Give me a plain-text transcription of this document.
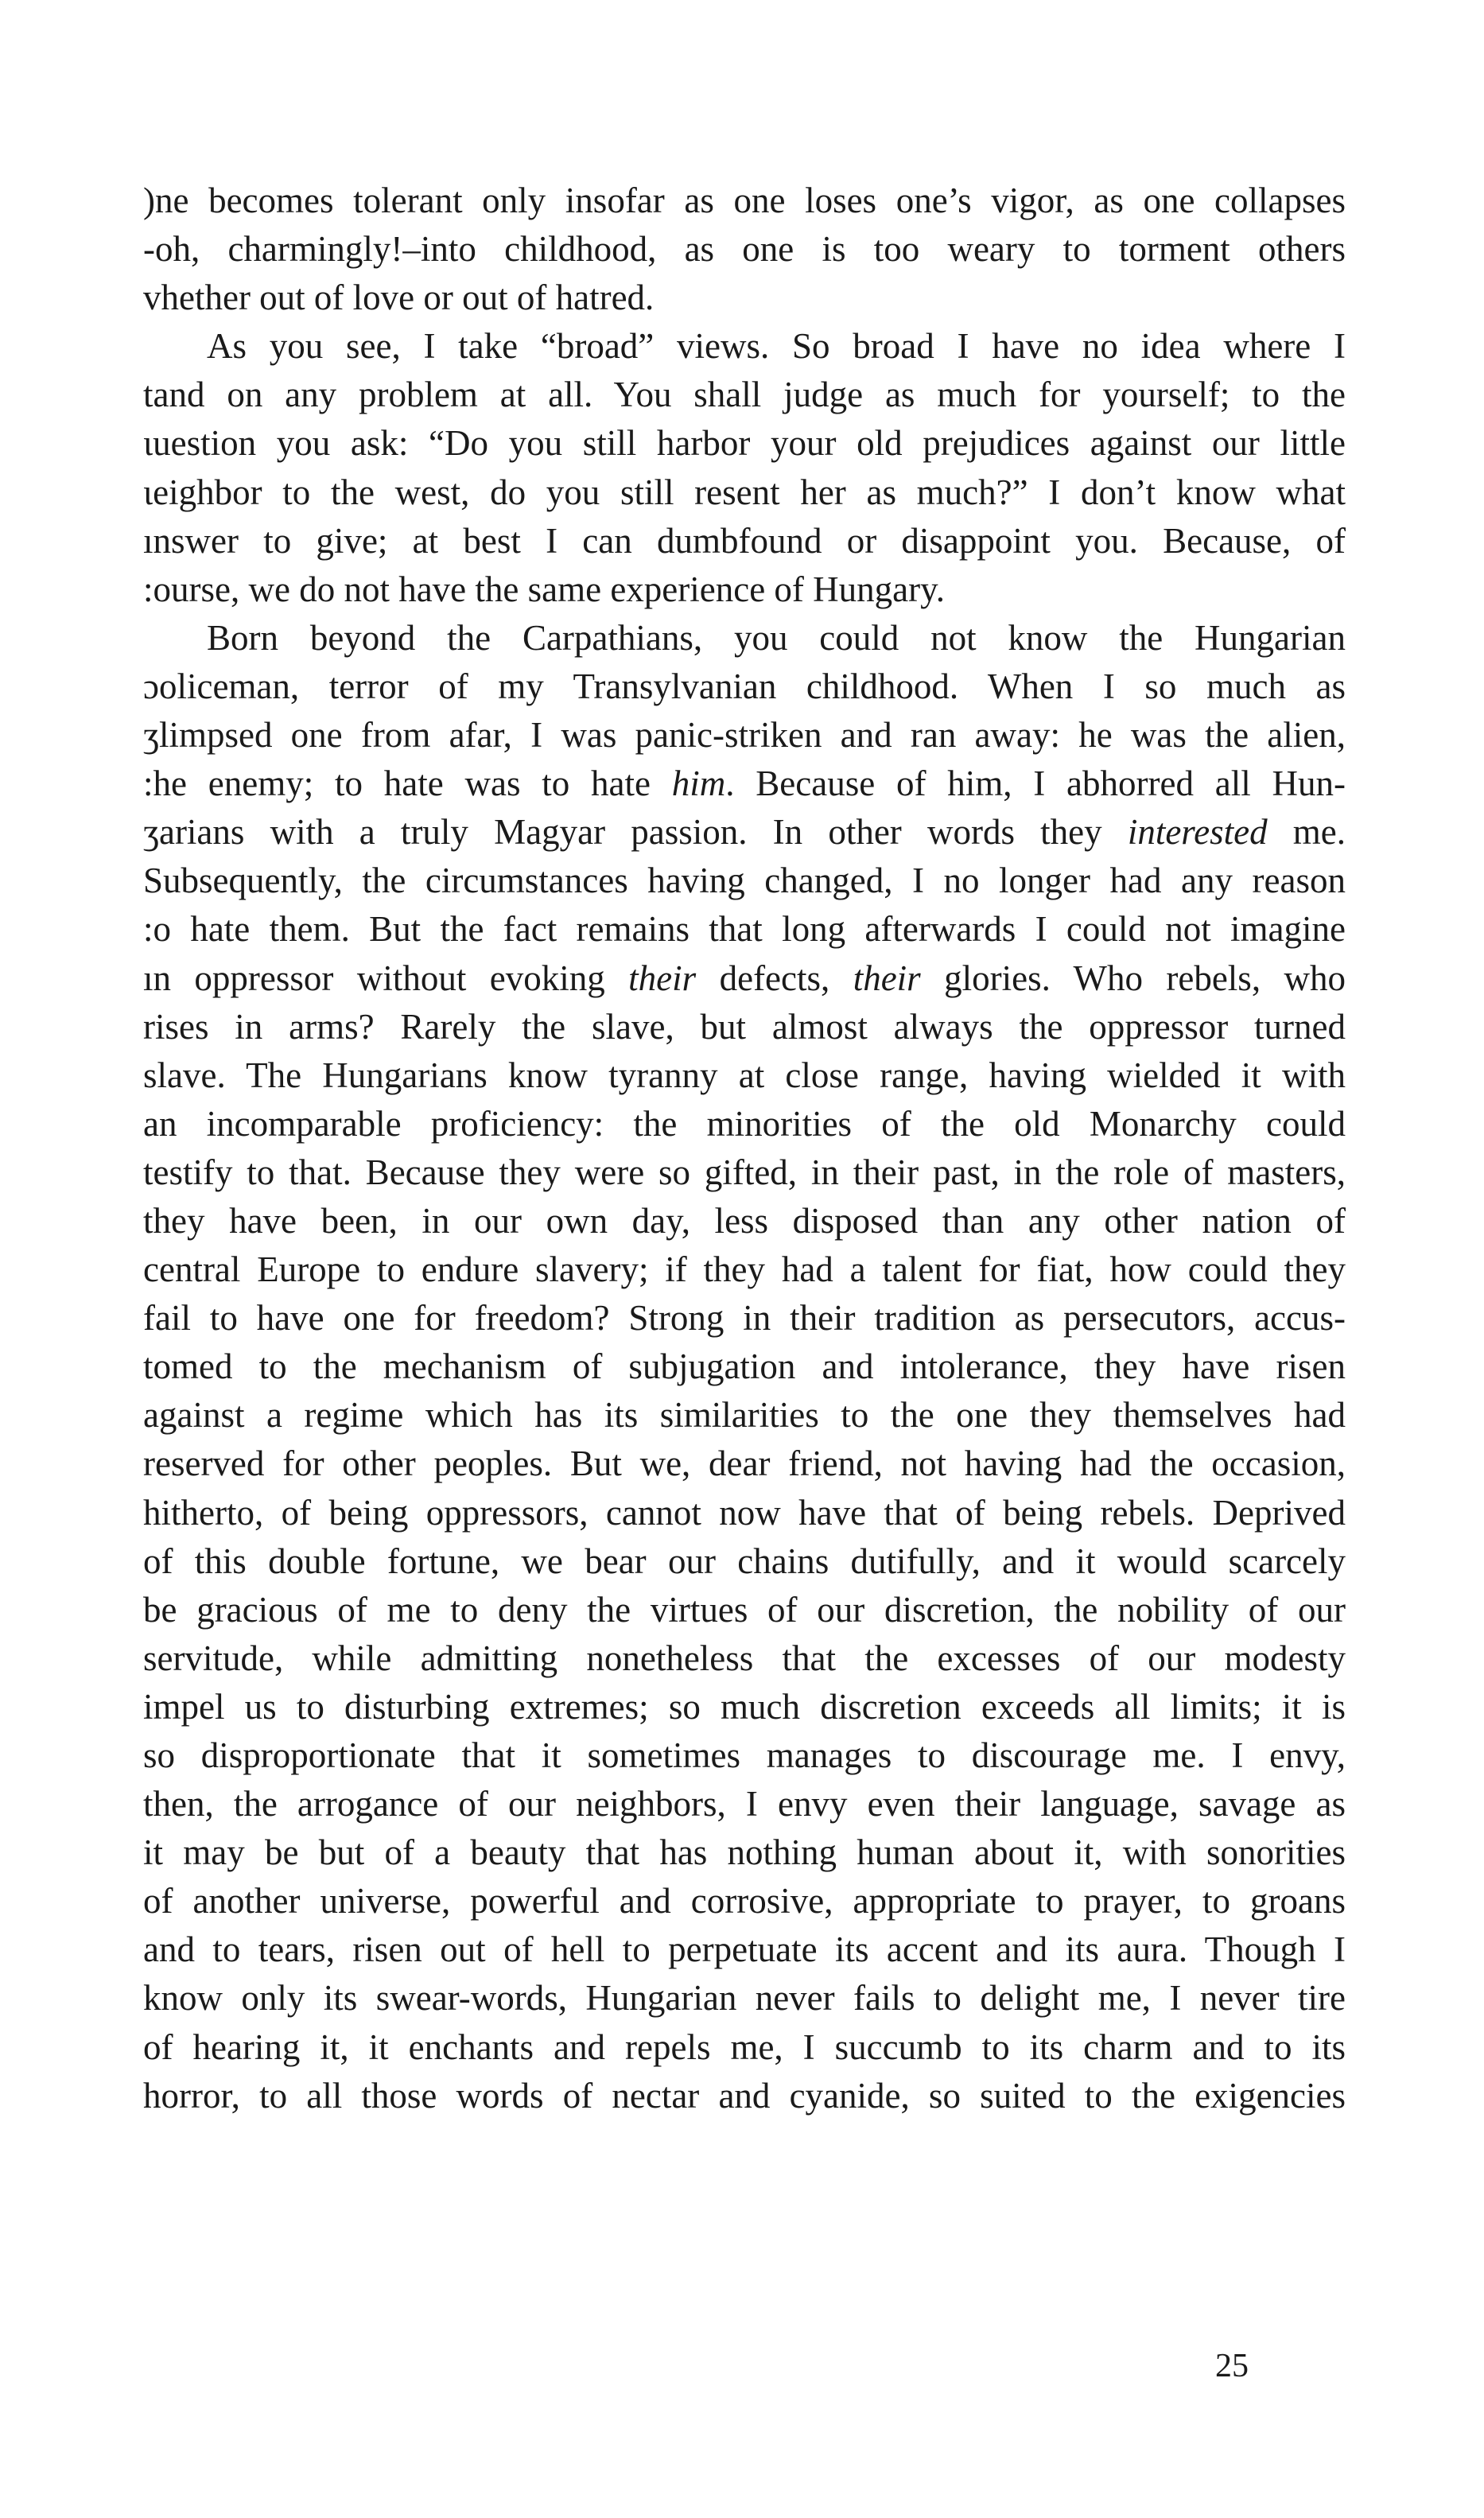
)ne becomes tolerant only insofar as one loses one’s vigor, as one collapses
-oh, charmingly!–into childhood, as one is too weary to torment others
vhether out of love or out of hatred.
As you see, I take “broad” views. So broad I have no idea where I
tand on any problem at all. You shall judge as much for yourself; to the
ιuestion you ask: “Do you still harbor your old prejudices against our little
ιeighbor to the west, do you still resent her as much?” I don’t know what
ınswer to give; at best I can dumbfound or disappoint you. Because, of
:ourse, we do not have the same experience of Hungary.
Born beyond the Carpathians, you could not know the Hungarian
ɔoliceman, terror of my Transylvanian childhood. When I so much as
ʒlimpsed one from afar, I was panic-striken and ran away: he was the alien,
:he enemy; to hate was to hate him. Because of him, I abhorred all Hun-
ʒarians with a truly Magyar passion. In other words they interested me.
Subsequently, the circumstances having changed, I no longer had any reason
:o hate them. But the fact remains that long afterwards I could not imagine
ın oppressor without evoking their defects, their glories. Who rebels, who
rises in arms? Rarely the slave, but almost always the oppressor turned
slave. The Hungarians know tyranny at close range, having wielded it with
an incomparable proficiency: the minorities of the old Monarchy could
testify to that. Because they were so gifted, in their past, in the role of masters,
they have been, in our own day, less disposed than any other nation of
central Europe to endure slavery; if they had a talent for fiat, how could they
fail to have one for freedom? Strong in their tradition as persecutors, accus-
tomed to the mechanism of subjugation and intolerance, they have risen
against a regime which has its similarities to the one they themselves had
reserved for other peoples. But we, dear friend, not having had the occasion,
hitherto, of being oppressors, cannot now have that of being rebels. Deprived
of this double fortune, we bear our chains dutifully, and it would scarcely
be gracious of me to deny the virtues of our discretion, the nobility of our
servitude, while admitting nonetheless that the excesses of our modesty
impel us to disturbing extremes; so much discretion exceeds all limits; it is
so disproportionate that it sometimes manages to discourage me. I envy,
then, the arrogance of our neighbors, I envy even their language, savage as
it may be but of a beauty that has nothing human about it, with sonorities
of another universe, powerful and corrosive, appropriate to prayer, to groans
and to tears, risen out of hell to perpetuate its accent and its aura. Though I
know only its swear-words, Hungarian never fails to delight me, I never tire
of hearing it, it enchants and repels me, I succumb to its charm and to its
horror, to all those words of nectar and cyanide, so suited to the exigencies
25
